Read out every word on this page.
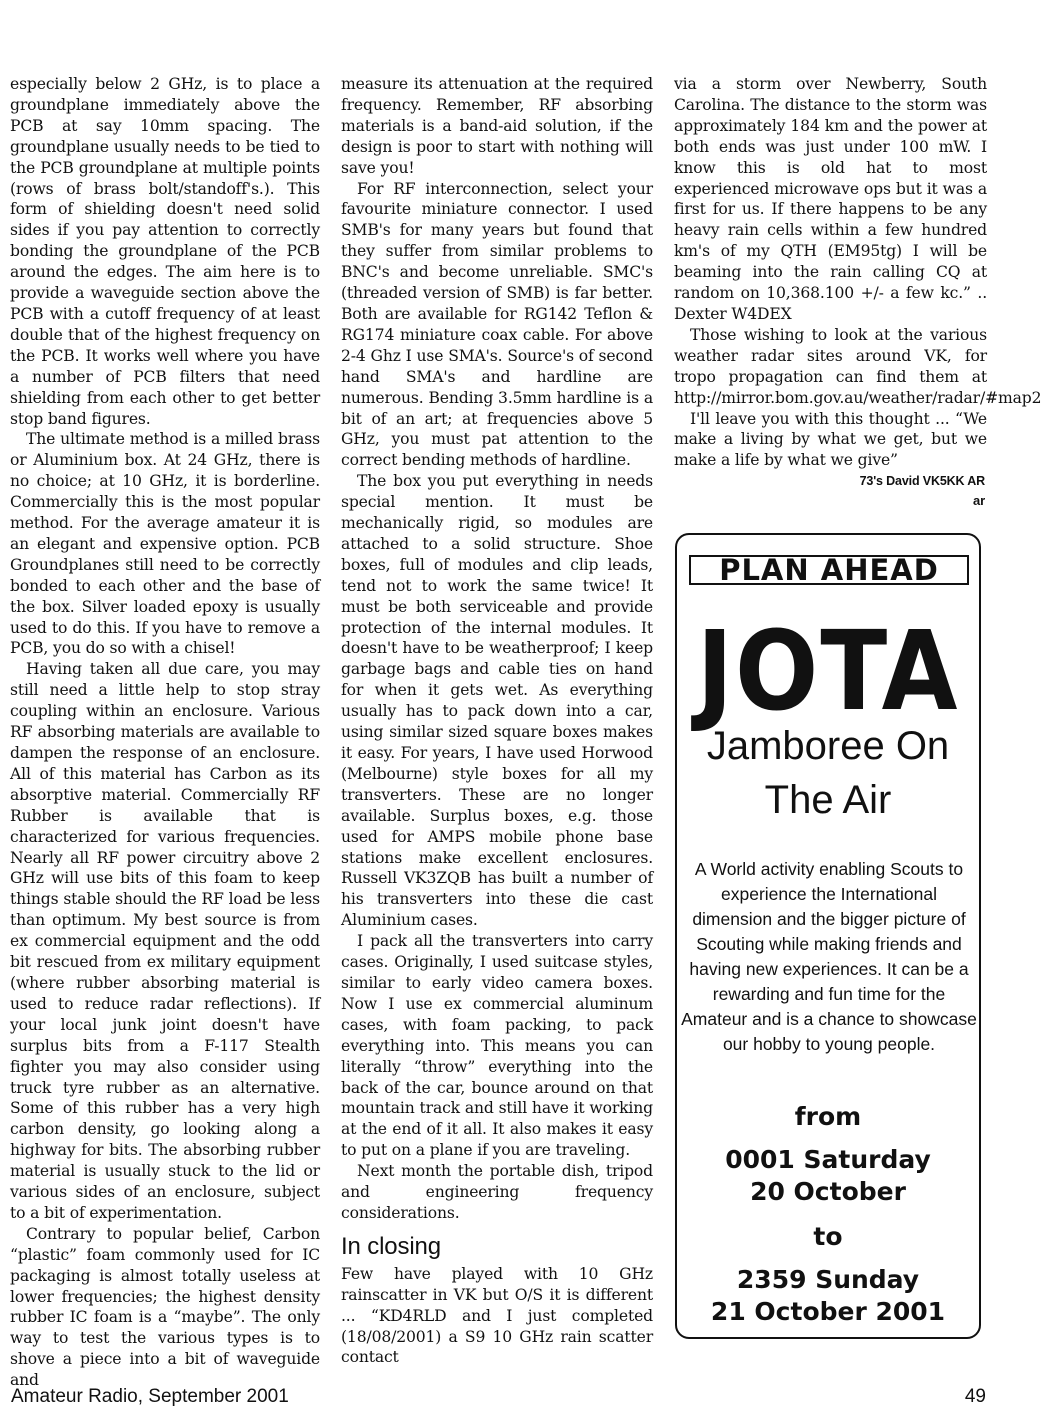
especially below 2 GHz, is to place a groundplane immediately above the PCB at say 10mm spacing. The groundplane usually needs to be tied to the PCB groundplane at multiple points (rows of brass bolt/standoff's.). This form of shielding doesn't need solid sides if you pay attention to correctly bonding the groundplane of the PCB around the edges. The aim here is to provide a waveguide section above the PCB with a cutoff frequency of at least double that of the highest frequency on the PCB. It works well where you have a number of PCB filters that need shielding from each other to get better stop band figures.

The ultimate method is a milled brass or Aluminium box. At 24 GHz, there is no choice; at 10 GHz, it is borderline. Commercially this is the most popular method. For the average amateur it is an elegant and expensive option. PCB Groundplanes still need to be correctly bonded to each other and the base of the box. Silver loaded epoxy is usually used to do this. If you have to remove a PCB, you do so with a chisel!

Having taken all due care, you may still need a little help to stop stray coupling within an enclosure. Various RF absorbing materials are available to dampen the response of an enclosure. All of this material has Carbon as its absorptive material. Commercially RF Rubber is available that is characterized for various frequencies. Nearly all RF power circuitry above 2 GHz will use bits of this foam to keep things stable should the RF load be less than optimum. My best source is from ex commercial equipment and the odd bit rescued from ex military equipment (where rubber absorbing material is used to reduce radar reflections). If your local junk joint doesn't have surplus bits from a F-117 Stealth fighter you may also consider using truck tyre rubber as an alternative. Some of this rubber has a very high carbon density, go looking along a highway for bits. The absorbing rubber material is usually stuck to the lid or various sides of an enclosure, subject to a bit of experimentation.

Contrary to popular belief, Carbon “plastic” foam commonly used for IC packaging is almost totally useless at lower frequencies; the highest density rubber IC foam is a “maybe”. The only way to test the various types is to shove a piece into a bit of waveguide and

measure its attenuation at the required frequency. Remember, RF absorbing materials is a band-aid solution, if the design is poor to start with nothing will save you!

For RF interconnection, select your favourite miniature connector. I used SMB's for many years but found that they suffer from similar problems to BNC's and become unreliable. SMC's (threaded version of SMB) is far better. Both are available for RG142 Teflon & RG174 miniature coax cable. For above 2-4 Ghz I use SMA's. Source's of second hand SMA's and hardline are numerous. Bending 3.5mm hardline is a bit of an art; at frequencies above 5 GHz, you must pat attention to the correct bending methods of hardline.

The box you put everything in needs special mention. It must be mechanically rigid, so modules are attached to a solid structure. Shoe boxes, full of modules and clip leads, tend not to work the same twice! It must be both serviceable and provide protection of the internal modules. It doesn't have to be weatherproof; I keep garbage bags and cable ties on hand for when it gets wet. As everything usually has to pack down into a car, using similar sized square boxes makes it easy. For years, I have used Horwood (Melbourne) style boxes for all my transverters. These are no longer available. Surplus boxes, e.g. those used for AMPS mobile phone base stations make excellent enclosures. Russell VK3ZQB has built a number of his transverters into these die cast Aluminium cases.

I pack all the transverters into carry cases. Originally, I used suitcase styles, similar to early video camera boxes. Now I use ex commercial aluminum cases, with foam packing, to pack everything into. This means you can literally “throw” everything into the back of the car, bounce around on that mountain track and still have it working at the end of it all. It also makes it easy to put on a plane if you are traveling.

Next month the portable dish, tripod and engineering frequency considerations.

In closing

Few have played with 10 GHz rainscatter in VK but O/S it is different ... “KD4RLD and I just completed (18/08/2001) a S9 10 GHz rain scatter contact

via a storm over Newberry, South Carolina. The distance to the storm was approximately 184 km and the power at both ends was just under 100 mW. I know this is old hat to most experienced microwave ops but it was a first for us. If there happens to be any heavy rain cells within a few hundred km's of my QTH (EM95tg) I will be beaming into the rain calling CQ at random on 10,368.100 +/- a few kc.” .. Dexter W4DEX

Those wishing to look at the various weather radar sites around VK, for tropo propagation can find them at http://mirror.bom.gov.au/weather/radar/#map2

I'll leave you with this thought ... “We make a living by what we get, but we make a life by what we give”

73's David VK5KK AR
ar
PLAN AHEAD
JOTA
Jamboree On The Air
A World activity enabling Scouts to experience the International dimension and the bigger picture of Scouting while making friends and having new experiences. It can be a rewarding and fun time for the Amateur and is a chance to showcase our hobby to young people.
from
0001 Saturday
20 October
to
2359 Sunday
21 October 2001
Amateur Radio, September 2001	49
